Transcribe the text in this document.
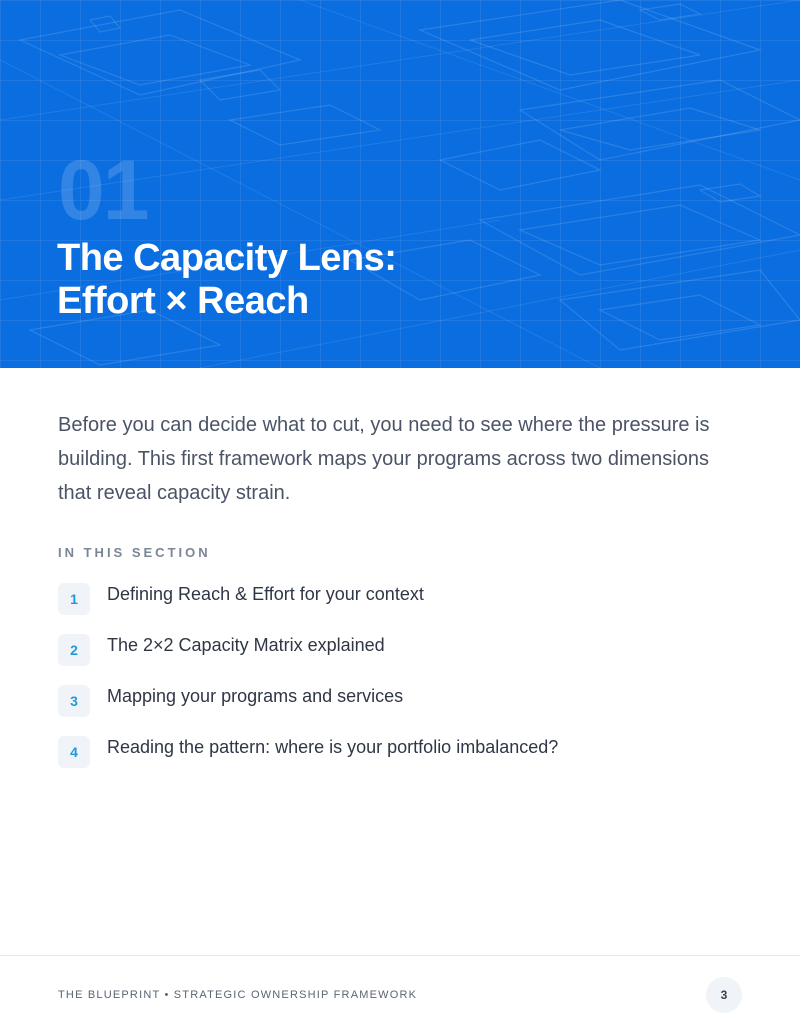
01
The Capacity Lens:
Effort × Reach

Before you can decide what to cut, you need to see where the pressure is building. This first framework maps your programs across two dimensions that reveal capacity strain.

IN THIS SECTION
1	Defining Reach & Effort for your context
2	The 2×2 Capacity Matrix explained
3	Mapping your programs and services
4	Reading the pattern: where is your portfolio imbalanced?
THE BLUEPRINT • STRATEGIC OWNERSHIP FRAMEWORK	3
